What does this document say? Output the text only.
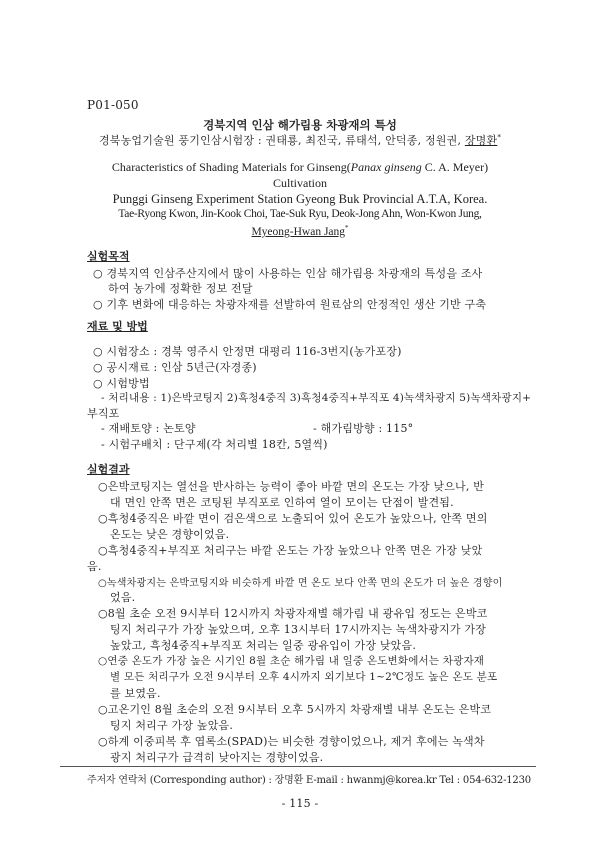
P01-050
경북지역 인삼 해가림용 차광재의 특성
경북농업기술원 풍기인삼시험장 : 권태룡, 최진국, 류태석, 안덕종, 정원권, 장명환*
Characteristics of Shading Materials for Ginseng(Panax ginseng C. A. Meyer)
Cultivation
Punggi Ginseng Experiment Station Gyeong Buk Provincial A.T.A, Korea.
Tae-Ryong Kwon, Jin-Kook Choi, Tae-Suk Ryu, Deok-Jong Ahn, Won-Kwon Jung,
Myeong-Hwan Jang*
실험목적
○ 경북지역 인삼주산지에서 많이 사용하는 인삼 해가림용 차광재의 특성을 조사
하여 농가에 정확한 정보 전달
○ 기후 변화에 대응하는 차광자재를 선발하여 원료삼의 안정적인 생산 기반 구축
재료 및 방법
○ 시험장소 : 경북 영주시 안정면 대평리 116-3번지(농가포장)
○ 공시재료 : 인삼 5년근(자경종)
○ 시험방법
- 처리내용 : 1)은박코팅지 2)흑청4중직 3)흑청4중직+부직포 4)녹색차광지 5)녹색차광지+
부직포
- 재배토양 : 논토양	- 해가림방향 : 115°
- 시험구배치 : 단구제(각 처리별 18칸, 5열씩)
실험결과
○은박코팅지는 열선을 반사하는 능력이 좋아 바깥 면의 온도는 가장 낮으나, 반
대 면인 안쪽 면은 코팅된 부직포로 인하여 열이 모이는 단점이 발견됨.
○흑청4중직은 바깥 면이 검은색으로 노출되어 있어 온도가 높았으나, 안쪽 면의
온도는 낮은 경향이었음.
○흑청4중직+부직포 처리구는 바깥 온도는 가장 높았으나 안쪽 면은 가장 낮았
음.
○녹색차광지는 은박코팅지와 비슷하게 바깥 면 온도 보다 안쪽 면의 온도가 더 높은 경향이
었음.
○8월 초순 오전 9시부터 12시까지 차광자재별 해가림 내 광유입 정도는 은박코
팅지 처리구가 가장 높았으며, 오후 13시부터 17시까지는 녹색차광지가 가장
높았고, 흑청4중직+부직포 처리는 일중 광유입이 가장 낮았음.
○연중 온도가 가장 높은 시기인 8월 초순 해가림 내 일중 온도변화에서는 차광자재
별 모든 처리구가 오전 9시부터 오후 4시까지 외기보다 1~2℃정도 높은 온도 분포
를 보였음.
○고온기인 8월 초순의 오전 9시부터 오후 5시까지 차광재별 내부 온도는 은박코
팅지 처리구 가장 높았음.
○하계 이중피복 후 엽록소(SPAD)는 비슷한 경향이었으나, 제거 후에는 녹색차
광지 처리구가 급격히 낮아지는 경향이었음.
주저자 연락처 (Corresponding author) : 장명환 E-mail : hwanmj@korea.kr Tel : 054-632-1230
- 115 -
